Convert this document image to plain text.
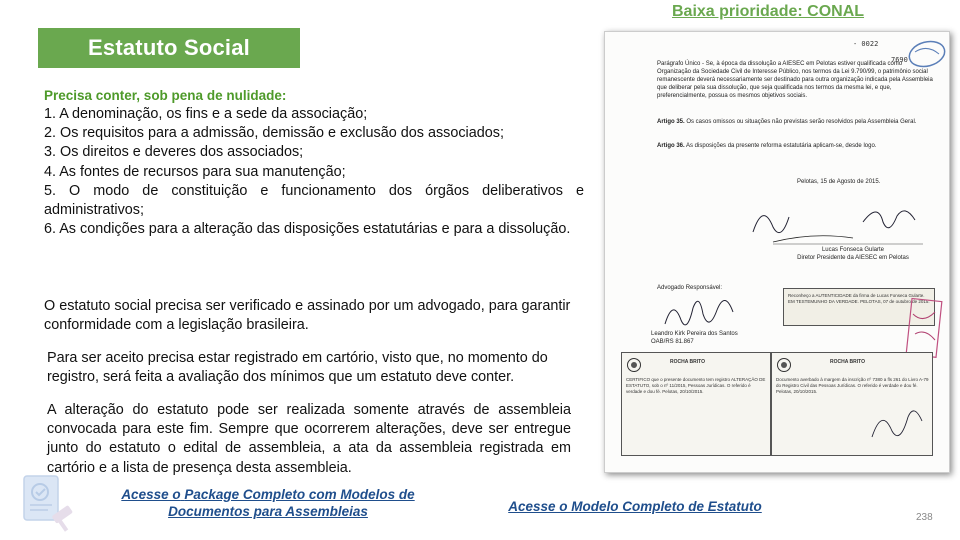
Estatuto Social
Baixa prioridade: CONAL
Precisa conter, sob pena de nulidade:
1. A denominação, os fins e a sede da associação;
2. Os requisitos para a admissão, demissão e exclusão dos associados;
3. Os direitos e deveres dos associados;
4. As fontes de recursos para sua manutenção;
5. O modo de constituição e funcionamento dos órgãos deliberativos e administrativos;
6. As condições para a alteração das disposições estatutárias e para a dissolução.
O estatuto social precisa ser verificado e assinado por um advogado, para garantir conformidade com a legislação brasileira.
Para ser aceito precisa estar registrado em cartório, visto que, no momento do registro, será feita a avaliação dos mínimos que um estatuto deve conter.
A alteração do estatuto pode ser realizada somente através de assembleia convocada para este fim. Sempre que ocorrerem alterações, deve ser entregue junto do estatuto o edital de assembleia, a ata da assembleia registrada em cartório e a lista de presença desta assembleia.
Acesse o Package Completo com Modelos de Documentos para Assembleias	Acesse o Modelo Completo de Estatuto
238
- 0022
7690
Parágrafo Único - Se, à época da dissolução a AIESEC em Pelotas estiver qualificada como Organização da Sociedade Civil de Interesse Público, nos termos da Lei 9.790/99, o patrimônio social remanescente deverá necessariamente ser destinado para outra organização indicada pela Assembleia que deliberar pela sua dissolução, que seja qualificada nos termos da mesma lei, e que, preferencialmente, possua os mesmos objetivos sociais.
Artigo 35. Os casos omissos ou situações não previstas serão resolvidos pela Assembleia Geral.
Artigo 36. As disposições da presente reforma estatutária aplicam-se, desde logo.
Pelotas, 15 de Agosto de 2015.
Lucas Fonseca Gularte
Diretor Presidente da AIESEC em Pelotas
Advogado Responsável:
Leandro Kirk Pereira dos Santos
OAB/RS 81.867
Reconheço a AUTENTICIDADE da firma de Lucas Fonseca Gularte. EM TESTEMUNHO DA VERDADE. PELOTAS, 07 de outubro de 2015.
ROCHA BRITO
CERTIFICO que o presente documento tem registro ALTERAÇÃO DE ESTATUTO, sob o nº 11/2015, Pessoas Jurídicas. O referido é verdade e dou fé. Pelotas, 20/10/2015.
ROCHA BRITO
Documento averbado à margem da inscrição nº 7380 a fls 261 do Livro A-79 do Registro Civil das Pessoas Jurídicas. O referido é verdade e dou fé. Pelotas, 20/10/2015.
